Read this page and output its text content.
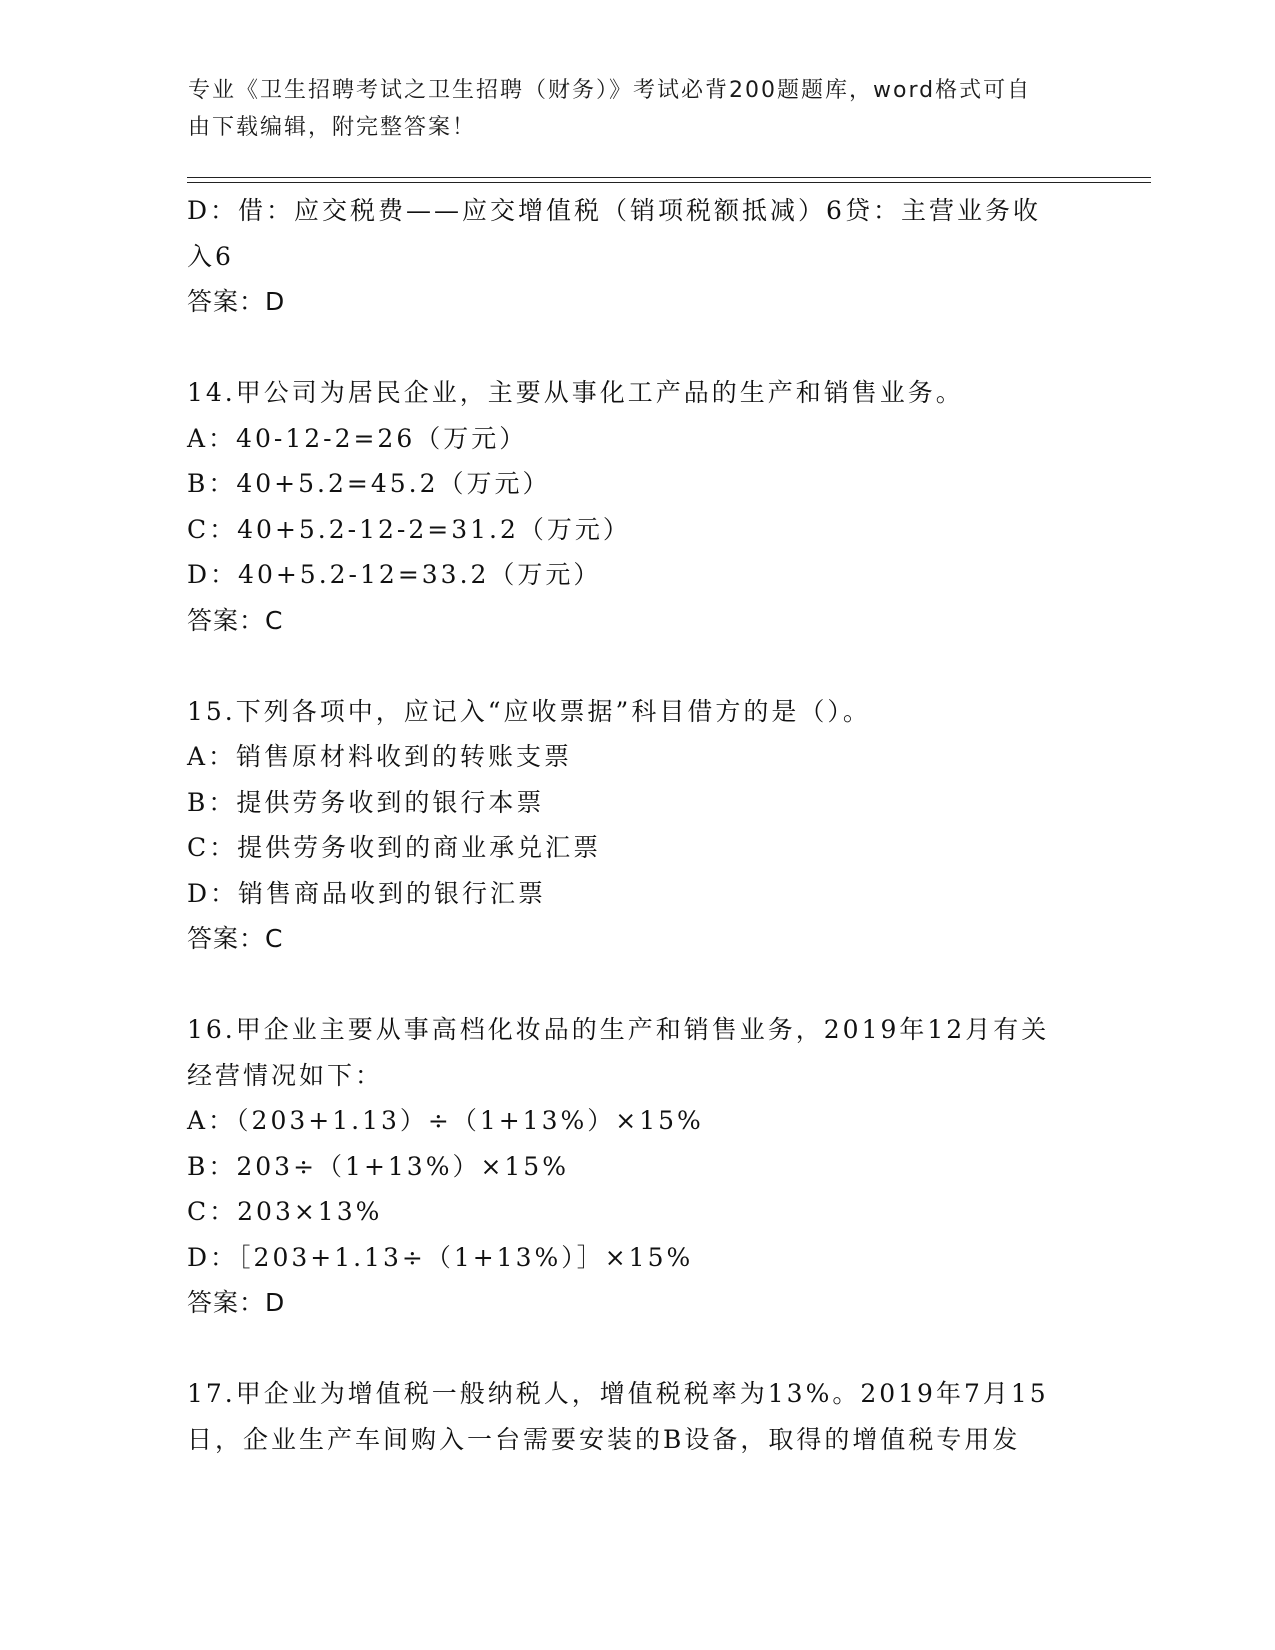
专业《卫生招聘考试之卫生招聘（财务）》考试必背200题题库，word格式可自
由下载编辑，附完整答案！

D：借：应交税费——应交增值税（销项税额抵减）6贷：主营业务收

入6

答案：D

14.甲公司为居民企业，主要从事化工产品的生产和销售业务。

A：40-12-2=26（万元）

B：40+5.2=45.2（万元）

C：40+5.2-12-2=31.2（万元）

D：40+5.2-12=33.2（万元）

答案：C

15.下列各项中，应记入“应收票据”科目借方的是（）。

A：销售原材料收到的转账支票

B：提供劳务收到的银行本票

C：提供劳务收到的商业承兑汇票

D：销售商品收到的银行汇票

答案：C

16.甲企业主要从事高档化妆品的生产和销售业务，2019年12月有关

经营情况如下：

A：（203+1.13）÷（1+13%）×15%

B：203÷（1+13%）×15%

C：203×13%

D：［203+1.13÷（1+13%）］×15%

答案：D

17.甲企业为增值税一般纳税人，增值税税率为13%。2019年7月15

日，企业生产车间购入一台需要安装的B设备，取得的增值税专用发
